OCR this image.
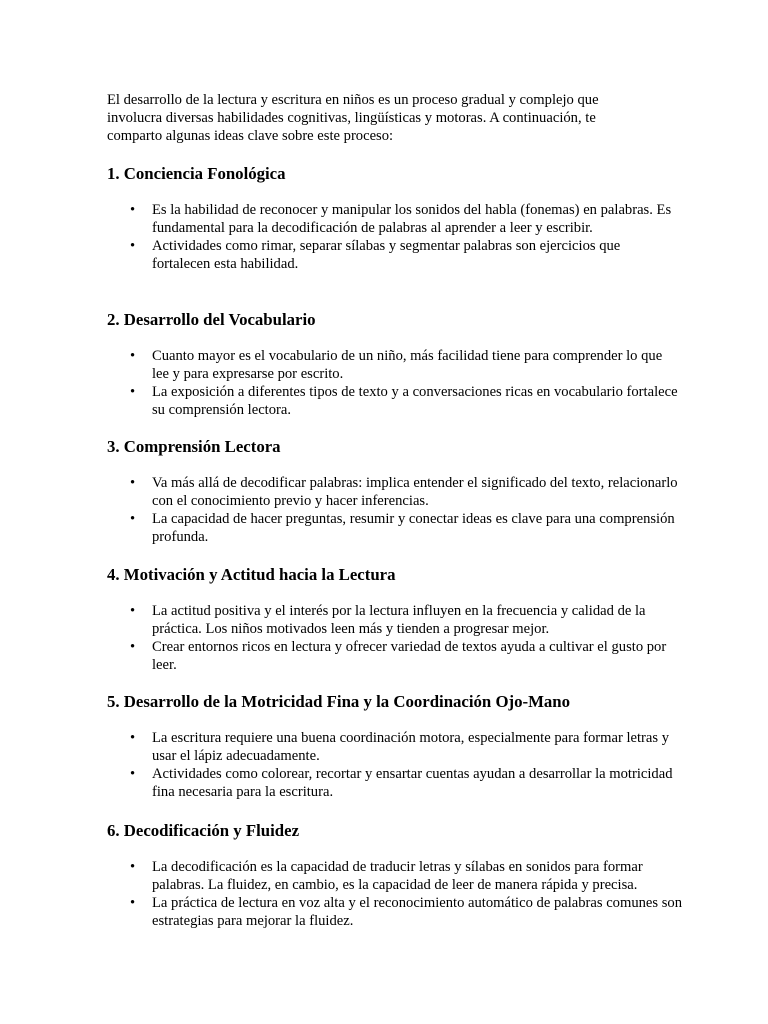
El desarrollo de la lectura y escritura en niños es un proceso gradual y complejo que involucra diversas habilidades cognitivas, lingüísticas y motoras. A continuación, te comparto algunas ideas clave sobre este proceso:

1. Conciencia Fonológica
• Es la habilidad de reconocer y manipular los sonidos del habla (fonemas) en palabras. Es fundamental para la decodificación de palabras al aprender a leer y escribir.
• Actividades como rimar, separar sílabas y segmentar palabras son ejercicios que fortalecen esta habilidad.
2. Desarrollo del Vocabulario
• Cuanto mayor es el vocabulario de un niño, más facilidad tiene para comprender lo que lee y para expresarse por escrito.
• La exposición a diferentes tipos de texto y a conversaciones ricas en vocabulario fortalece su comprensión lectora.
3. Comprensión Lectora
• Va más allá de decodificar palabras: implica entender el significado del texto, relacionarlo con el conocimiento previo y hacer inferencias.
• La capacidad de hacer preguntas, resumir y conectar ideas es clave para una comprensión profunda.
4. Motivación y Actitud hacia la Lectura
• La actitud positiva y el interés por la lectura influyen en la frecuencia y calidad de la práctica. Los niños motivados leen más y tienden a progresar mejor.
• Crear entornos ricos en lectura y ofrecer variedad de textos ayuda a cultivar el gusto por leer.
5. Desarrollo de la Motricidad Fina y la Coordinación Ojo-Mano
• La escritura requiere una buena coordinación motora, especialmente para formar letras y usar el lápiz adecuadamente.
• Actividades como colorear, recortar y ensartar cuentas ayudan a desarrollar la motricidad fina necesaria para la escritura.
6. Decodificación y Fluidez
• La decodificación es la capacidad de traducir letras y sílabas en sonidos para formar palabras. La fluidez, en cambio, es la capacidad de leer de manera rápida y precisa.
• La práctica de lectura en voz alta y el reconocimiento automático de palabras comunes son estrategias para mejorar la fluidez.
